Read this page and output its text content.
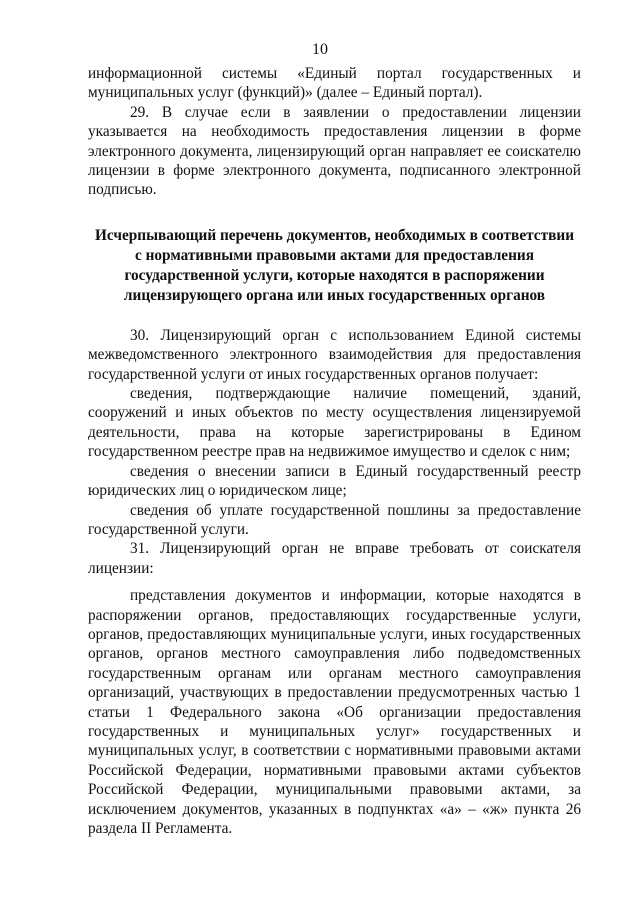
10

информационной системы «Единый портал государственных и муниципальных услуг (функций)» (далее – Единый портал).

29. В случае если в заявлении о предоставлении лицензии указывается на необходимость предоставления лицензии в форме электронного документа, лицензирующий орган направляет ее соискателю лицензии в форме электронного документа, подписанного электронной подписью.

Исчерпывающий перечень документов, необходимых в соответствии
с нормативными правовыми актами для предоставления
государственной услуги, которые находятся в распоряжении
лицензирующего органа или иных государственных органов

30. Лицензирующий орган с использованием Единой системы межведомственного электронного взаимодействия для предоставления государственной услуги от иных государственных органов получает:

сведения, подтверждающие наличие помещений, зданий, сооружений и иных объектов по месту осуществления лицензируемой деятельности, права на которые зарегистрированы в Едином государственном реестре прав на недвижимое имущество и сделок с ним;

сведения о внесении записи в Единый государственный реестр юридических лиц о юридическом лице;

сведения об уплате государственной пошлины за предоставление государственной услуги.

31. Лицензирующий орган не вправе требовать от соискателя лицензии:

представления документов и информации, которые находятся в распоряжении органов, предоставляющих государственные услуги, органов, предоставляющих муниципальные услуги, иных государственных органов, органов местного самоуправления либо подведомственных государственным органам или органам местного самоуправления организаций, участвующих в предоставлении предусмотренных частью 1 статьи 1 Федерального закона «Об организации предоставления государственных и муниципальных услуг» государственных и муниципальных услуг, в соответствии с нормативными правовыми актами Российской Федерации, нормативными правовыми актами субъектов Российской Федерации, муниципальными правовыми актами, за исключением документов, указанных в подпунктах «а» – «ж» пункта 26 раздела II Регламента.
